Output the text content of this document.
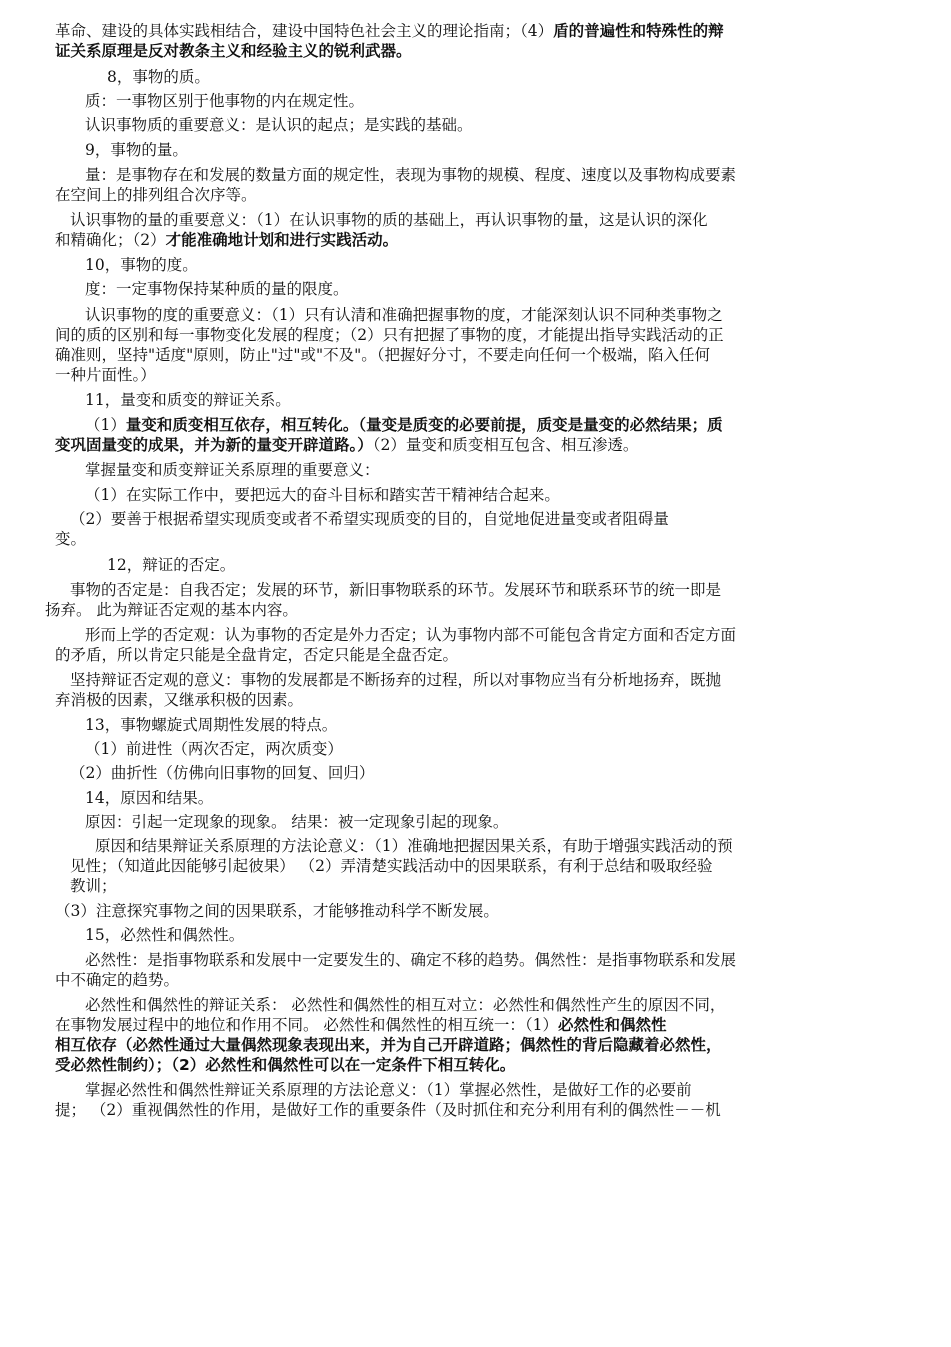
革命、建设的具体实践相结合，建设中国特色社会主义的理论指南；（4）盾的普遍性和特殊性的辩
证关系原理是反对教条主义和经验主义的锐利武器。
8，事物的质。
质：一事物区别于他事物的内在规定性。
认识事物质的重要意义：是认识的起点；是实践的基础。
9，事物的量。
量：是事物存在和发展的数量方面的规定性，表现为事物的规模、程度、速度以及事物构成要素
在空间上的排列组合次序等。
认识事物的量的重要意义：（1）在认识事物的质的基础上，再认识事物的量，这是认识的深化
和精确化；（2）才能准确地计划和进行实践活动。
10，事物的度。
度：一定事物保持某种质的量的限度。
认识事物的度的重要意义：（1）只有认清和准确把握事物的度，才能深刻认识不同种类事物之
间的质的区别和每一事物变化发展的程度；（2）只有把握了事物的度，才能提出指导实践活动的正
确准则，坚持"适度"原则，防止"过"或"不及"。（把握好分寸，不要走向任何一个极端，陷入任何
一种片面性。）
11，量变和质变的辩证关系。
（1）量变和质变相互依存，相互转化。（量变是质变的必要前提，质变是量变的必然结果；质
变巩固量变的成果，并为新的量变开辟道路。）（2）量变和质变相互包含、相互渗透。
掌握量变和质变辩证关系原理的重要意义：
（1）在实际工作中，要把远大的奋斗目标和踏实苦干精神结合起来。
（2）要善于根据希望实现质变或者不希望实现质变的目的，自觉地促进量变或者阻碍量
变。
12，辩证的否定。
事物的否定是：自我否定；发展的环节，新旧事物联系的环节。发展环节和联系环节的统一即是
扬弃。 此为辩证否定观的基本内容。
形而上学的否定观：认为事物的否定是外力否定；认为事物内部不可能包含肯定方面和否定方面
的矛盾，所以肯定只能是全盘肯定，否定只能是全盘否定。
坚持辩证否定观的意义：事物的发展都是不断扬弃的过程，所以对事物应当有分析地扬弃，既抛
弃消极的因素，又继承积极的因素。
13，事物螺旋式周期性发展的特点。
（1）前进性（两次否定，两次质变）
（2）曲折性（仿佛向旧事物的回复、回归）
14，原因和结果。
原因：引起一定现象的现象。 结果：被一定现象引起的现象。
原因和结果辩证关系原理的方法论意义：（1）准确地把握因果关系，有助于增强实践活动的预
见性；（知道此因能够引起彼果） （2）弄清楚实践活动中的因果联系，有利于总结和吸取经验
教训；
（3）注意探究事物之间的因果联系，才能够推动科学不断发展。
15，必然性和偶然性。
必然性：是指事物联系和发展中一定要发生的、确定不移的趋势。偶然性：是指事物联系和发展
中不确定的趋势。
必然性和偶然性的辩证关系： 必然性和偶然性的相互对立：必然性和偶然性产生的原因不同，
在事物发展过程中的地位和作用不同。 必然性和偶然性的相互统一：（1）必然性和偶然性
相互依存（必然性通过大量偶然现象表现出来，并为自己开辟道路；偶然性的背后隐藏着必然性，
受必然性制约）；（2）必然性和偶然性可以在一定条件下相互转化。
掌握必然性和偶然性辩证关系原理的方法论意义：（1）掌握必然性，是做好工作的必要前
提； （2）重视偶然性的作用，是做好工作的重要条件（及时抓住和充分利用有利的偶然性－－机
